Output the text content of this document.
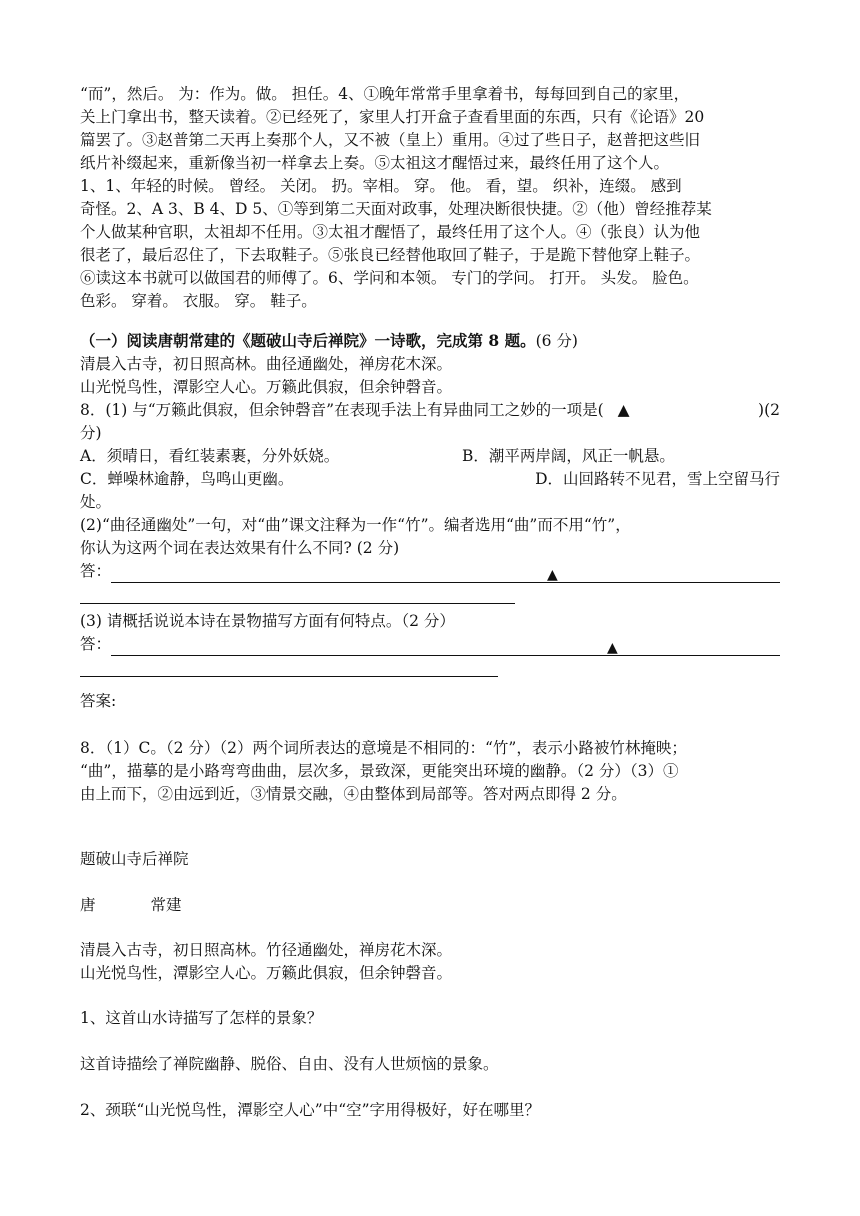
“而”，然后。 为：作为。做。 担任。4、①晚年常常手里拿着书，每每回到自己的家里，

关上门拿出书，整天读着。②已经死了，家里人打开盒子查看里面的东西，只有《论语》20

篇罢了。③赵普第二天再上奏那个人，又不被（皇上）重用。④过了些日子，赵普把这些旧

纸片补缀起来，重新像当初一样拿去上奏。⑤太祖这才醒悟过来，最终任用了这个人。

1、1、年轻的时候。 曾经。 关闭。 扔。宰相。 穿。 他。 看，望。 织补，连缀。 感到

奇怪。2、A 3、B 4、D 5、①等到第二天面对政事，处理决断很快捷。②（他）曾经推荐某

个人做某种官职，太祖却不任用。③太祖才醒悟了，最终任用了这个人。④（张良）认为他

很老了，最后忍住了，下去取鞋子。⑤张良已经替他取回了鞋子，于是跪下替他穿上鞋子。

⑥读这本书就可以做国君的师傅了。6、学问和本领。 专门的学问。 打开。 头发。 脸色。

色彩。 穿着。 衣服。 穿。 鞋子。

（一）阅读唐朝常建的《题破山寺后禅院》一诗歌，完成第 8 题。(6 分)

清晨入古寺，初日照高林。曲径通幽处，禅房花木深。

山光悦鸟性，潭影空人心。万籁此俱寂，但余钟磬音。

8．(1) 与“万籁此俱寂，但余钟磬音”在表现手法上有异曲同工之妙的一项是( ▲	)(2

分)

A．须晴日，看红装素裹，分外妖娆。	B．潮平两岸阔，风正一帆悬。

C．蝉噪林逾静，鸟鸣山更幽。	D．山回路转不见君，雪上空留马行

处。

(2)“曲径通幽处”一句，对“曲”课文注释为一作“竹”。编者选用“曲”而不用“竹”，

你认为这两个词在表达效果有什么不同? (2 分)

答：	▲

(3) 请概括说说本诗在景物描写方面有何特点。（2 分）

答：	▲

答案:

8．（1）C。（2 分）（2）两个词所表达的意境是不相同的：“竹”，表示小路被竹林掩映；

“曲”，描摹的是小路弯弯曲曲，层次多，景致深，更能突出环境的幽静。（2 分）（3）①

由上而下，②由远到近，③情景交融，④由整体到局部等。答对两点即得 2 分。

题破山寺后禅院

唐	常建

清晨入古寺，初日照高林。竹径通幽处，禅房花木深。

山光悦鸟性，潭影空人心。万籁此俱寂，但余钟磬音。

1、这首山水诗描写了怎样的景象？

这首诗描绘了禅院幽静、脱俗、自由、没有人世烦恼的景象。

2、颈联“山光悦鸟性，潭影空人心”中“空”字用得极好，好在哪里？
